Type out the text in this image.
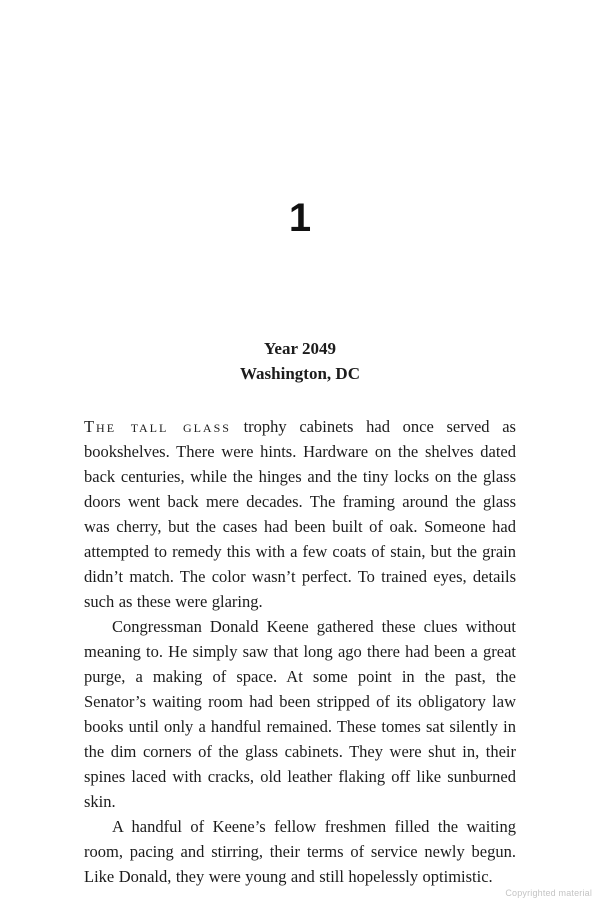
1
Year 2049
Washington, DC

The tall glass trophy cabinets had once served as bookshelves. There were hints. Hardware on the shelves dated back centuries, while the hinges and the tiny locks on the glass doors went back mere decades. The framing around the glass was cherry, but the cases had been built of oak. Someone had attempted to remedy this with a few coats of stain, but the grain didn’t match. The color wasn’t perfect. To trained eyes, details such as these were glaring.

Congressman Donald Keene gathered these clues without meaning to. He simply saw that long ago there had been a great purge, a making of space. At some point in the past, the Senator’s waiting room had been stripped of its obligatory law books until only a handful remained. These tomes sat silently in the dim corners of the glass cabinets. They were shut in, their spines laced with cracks, old leather flaking off like sunburned skin.

A handful of Keene’s fellow freshmen filled the waiting room, pacing and stirring, their terms of service newly begun. Like Donald, they were young and still hopelessly optimistic.

Copyrighted material
